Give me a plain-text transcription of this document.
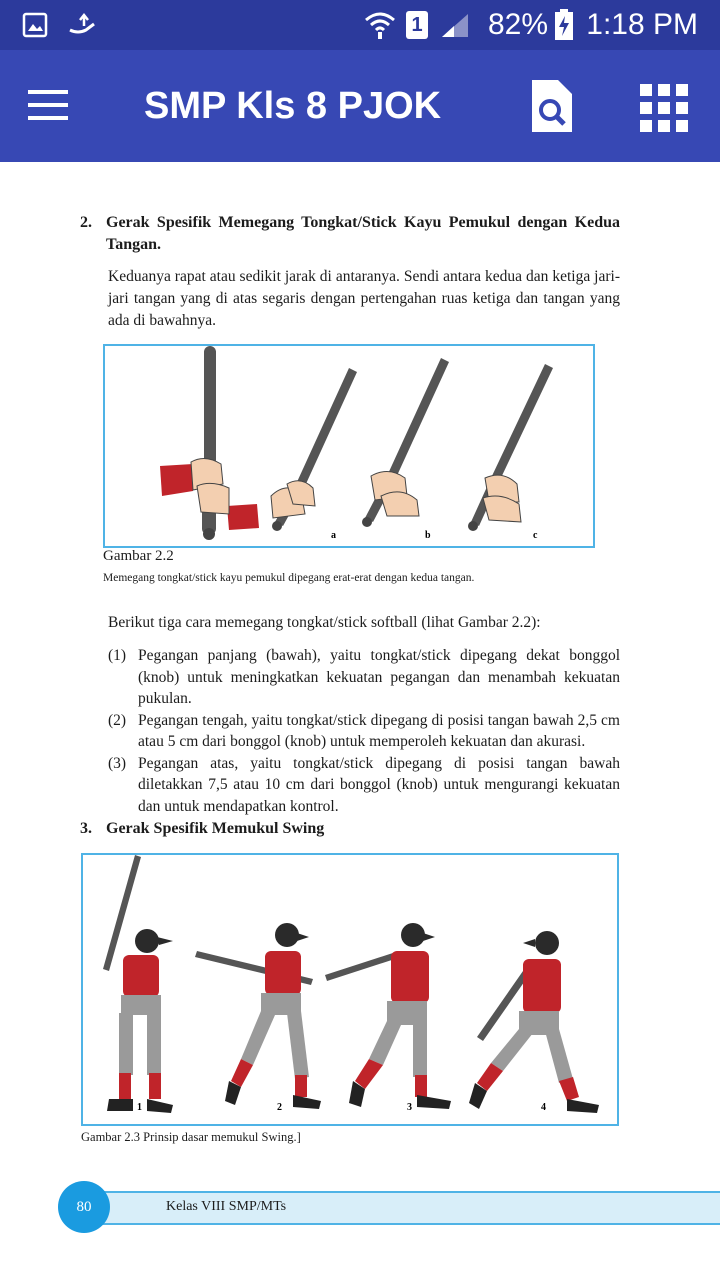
1 82% 1:18 PM
SMP Kls 8 PJOK
2. Gerak Spesifik Memegang Tongkat/Stick Kayu Pemukul dengan Kedua Tangan.
Keduanya rapat atau sedikit jarak di antaranya. Sendi antara kedua dan ketiga jari-jari tangan yang di atas segaris dengan pertengahan ruas ketiga dan tangan yang ada di bawahnya.
a	b	c
Gambar 2.2
Memegang tongkat/stick kayu pemukul dipegang erat-erat dengan kedua tangan.
Berikut tiga cara memegang tongkat/stick softball (lihat Gambar 2.2):
(1) Pegangan panjang (bawah), yaitu tongkat/stick dipegang dekat bonggol (knob) untuk meningkatkan kekuatan pegangan dan menambah kekuatan pukulan.
(2) Pegangan tengah, yaitu tongkat/stick dipegang di posisi tangan bawah 2,5 cm atau 5 cm dari bonggol (knob) untuk memperoleh kekuatan dan akurasi.
(3) Pegangan atas, yaitu tongkat/stick dipegang di posisi tangan bawah diletakkan 7,5 atau 10 cm dari bonggol (knob) untuk mengurangi kekuatan dan untuk mendapatkan kontrol.
3. Gerak Spesifik Memukul Swing
1	2	3	4
Gambar 2.3 Prinsip dasar memukul Swing.]
Kelas VIII SMP/MTs
80
